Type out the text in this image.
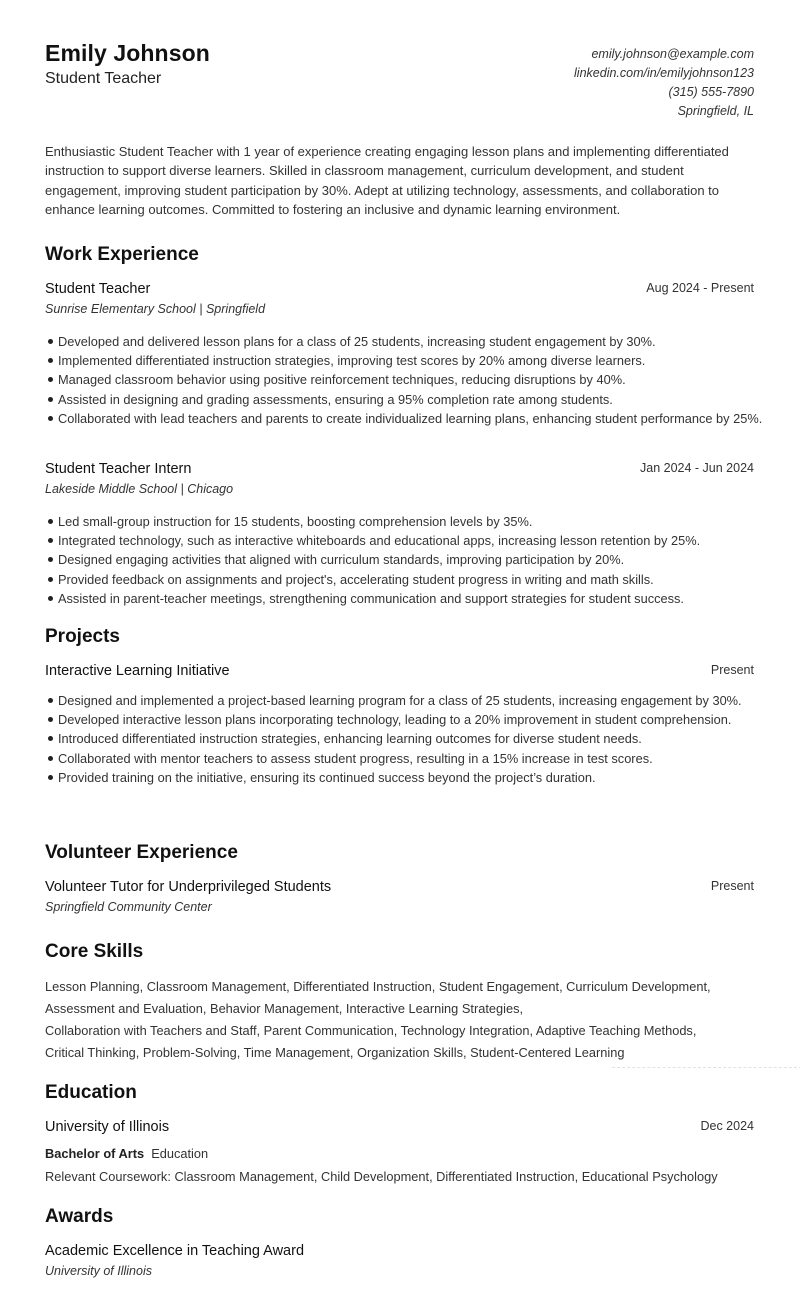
Emily Johnson
Student Teacher
emily.johnson@example.com
linkedin.com/in/emilyjohnson123
(315) 555-7890
Springfield, IL
Enthusiastic Student Teacher with 1 year of experience creating engaging lesson plans and implementing differentiated instruction to support diverse learners. Skilled in classroom management, curriculum development, and student engagement, improving student participation by 30%. Adept at utilizing technology, assessments, and collaboration to enhance learning outcomes. Committed to fostering an inclusive and dynamic learning environment.
Work Experience
Student Teacher	Aug 2024 - Present
Sunrise Elementary School | Springfield
Developed and delivered lesson plans for a class of 25 students, increasing student engagement by 30%.
Implemented differentiated instruction strategies, improving test scores by 20% among diverse learners.
Managed classroom behavior using positive reinforcement techniques, reducing disruptions by 40%.
Assisted in designing and grading assessments, ensuring a 95% completion rate among students.
Collaborated with lead teachers and parents to create individualized learning plans, enhancing student performance by 25%.
Student Teacher Intern	Jan 2024 - Jun 2024
Lakeside Middle School | Chicago
Led small-group instruction for 15 students, boosting comprehension levels by 35%.
Integrated technology, such as interactive whiteboards and educational apps, increasing lesson retention by 25%.
Designed engaging activities that aligned with curriculum standards, improving participation by 20%.
Provided feedback on assignments and project's, accelerating student progress in writing and math skills.
Assisted in parent-teacher meetings, strengthening communication and support strategies for student success.
Projects
Interactive Learning Initiative	Present
Designed and implemented a project-based learning program for a class of 25 students, increasing engagement by 30%.
Developed interactive lesson plans incorporating technology, leading to a 20% improvement in student comprehension.
Introduced differentiated instruction strategies, enhancing learning outcomes for diverse student needs.
Collaborated with mentor teachers to assess student progress, resulting in a 15% increase in test scores.
Provided training on the initiative, ensuring its continued success beyond the project’s duration.
Volunteer Experience
Volunteer Tutor for Underprivileged Students	Present
Springfield Community Center
Core Skills
Lesson Planning, Classroom Management, Differentiated Instruction, Student Engagement, Curriculum Development,
Assessment and Evaluation, Behavior Management, Interactive Learning Strategies,
Collaboration with Teachers and Staff, Parent Communication, Technology Integration, Adaptive Teaching Methods,
Critical Thinking, Problem-Solving, Time Management, Organization Skills, Student-Centered Learning
Education
University of Illinois	Dec 2024
Bachelor of Arts Education
Relevant Coursework: Classroom Management, Child Development, Differentiated Instruction, Educational Psychology
Awards
Academic Excellence in Teaching Award
University of Illinois
